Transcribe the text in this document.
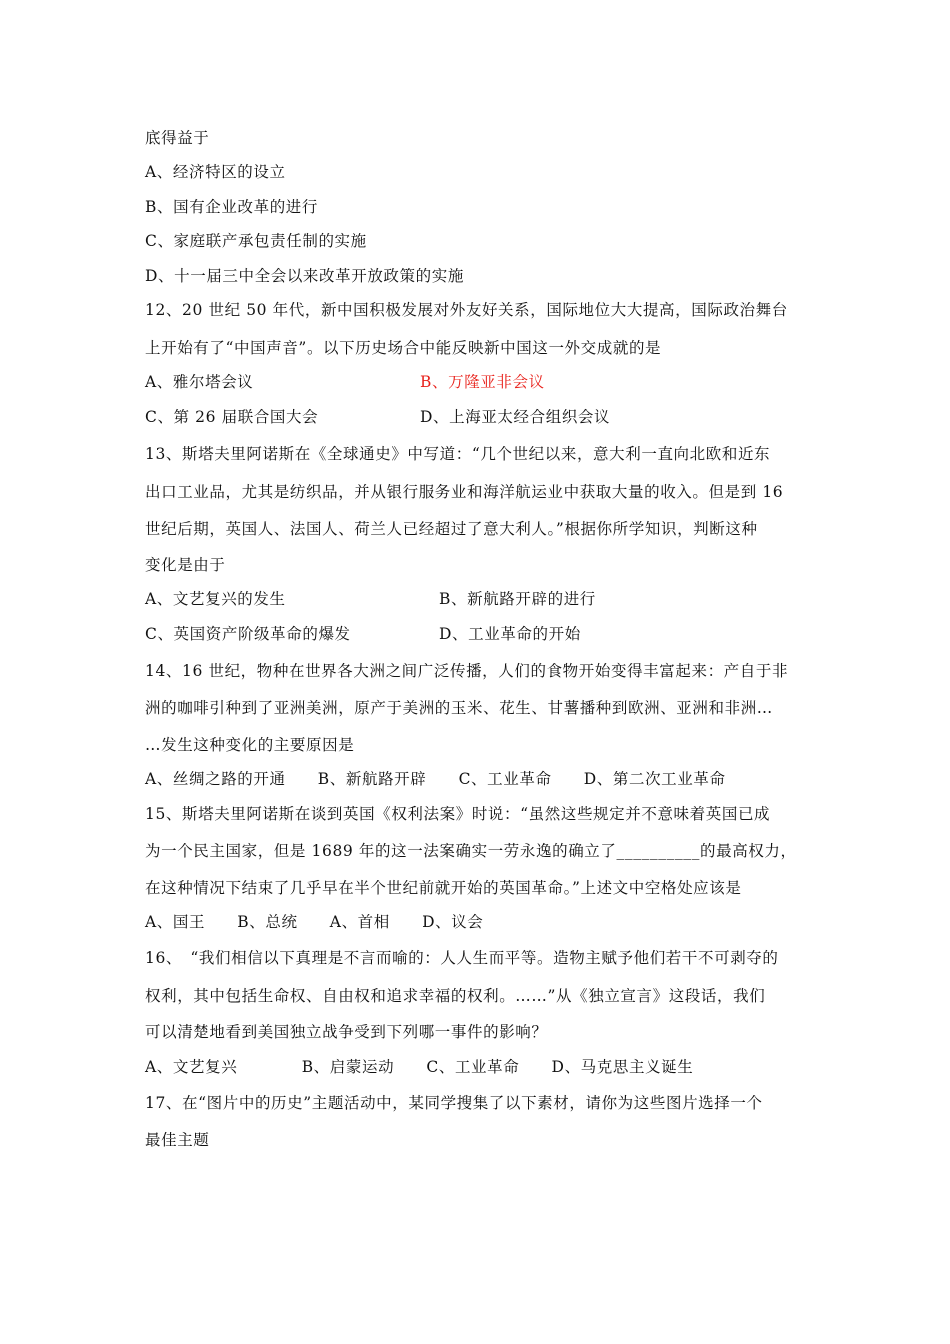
底得益于
A、经济特区的设立
B、国有企业改革的进行
C、家庭联产承包责任制的实施
D、十一届三中全会以来改革开放政策的实施
12、20 世纪 50 年代，新中国积极发展对外友好关系，国际地位大大提高，国际政治舞台
上开始有了“中国声音”。以下历史场合中能反映新中国这一外交成就的是
A、雅尔塔会议	B、万隆亚非会议
C、第 26 届联合国大会	D、上海亚太经合组织会议
13、斯塔夫里阿诺斯在《全球通史》中写道：“几个世纪以来，意大利一直向北欧和近东
出口工业品，尤其是纺织品，并从银行服务业和海洋航运业中获取大量的收入。但是到 16
世纪后期，英国人、法国人、荷兰人已经超过了意大利人。”根据你所学知识，判断这种
变化是由于
A、文艺复兴的发生	B、新航路开辟的进行
C、英国资产阶级革命的爆发	D、工业革命的开始
14、16 世纪，物种在世界各大洲之间广泛传播，人们的食物开始变得丰富起来：产自于非
洲的咖啡引种到了亚洲美洲，原产于美洲的玉米、花生、甘薯播种到欧洲、亚洲和非洲…
…发生这种变化的主要原因是
A、丝绸之路的开通　　B、新航路开辟　　C、工业革命　　D、第二次工业革命
15、斯塔夫里阿诺斯在谈到英国《权利法案》时说：“虽然这些规定并不意味着英国已成
为一个民主国家，但是 1689 年的这一法案确实一劳永逸的确立了__________的最高权力，
在这种情况下结束了几乎早在半个世纪前就开始的英国革命。”上述文中空格处应该是
A、国王　　B、总统　　A、首相　　D、议会
16、　“我们相信以下真理是不言而喻的：人人生而平等。造物主赋予他们若干不可剥夺的
权利，其中包括生命权、自由权和追求幸福的权利。……”从《独立宣言》这段话，我们
可以清楚地看到美国独立战争受到下列哪一事件的影响？
A、文艺复兴　　　　B、启蒙运动　　C、工业革命　　D、马克思主义诞生
17、在“图片中的历史”主题活动中，某同学搜集了以下素材，请你为这些图片选择一个
最佳主题
